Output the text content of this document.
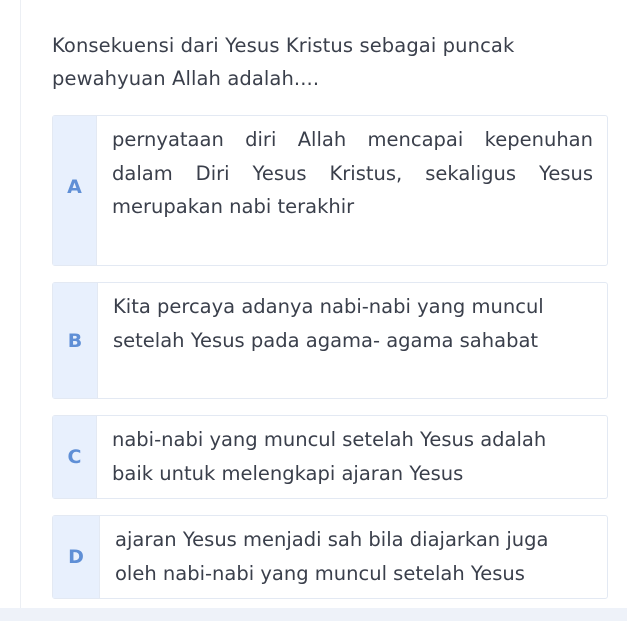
Konsekuensi dari Yesus Kristus sebagai puncak pewahyuan Allah adalah....
A
pernyataan diri Allah mencapai kepenuhan dalam Diri Yesus Kristus, sekaligus Yesus merupakan nabi terakhir
B
Kita percaya adanya nabi-nabi yang muncul setelah Yesus pada agama- agama sahabat
C
nabi-nabi yang muncul setelah Yesus adalah baik untuk melengkapi ajaran Yesus
D
ajaran Yesus menjadi sah bila diajarkan juga oleh nabi-nabi yang muncul setelah Yesus
